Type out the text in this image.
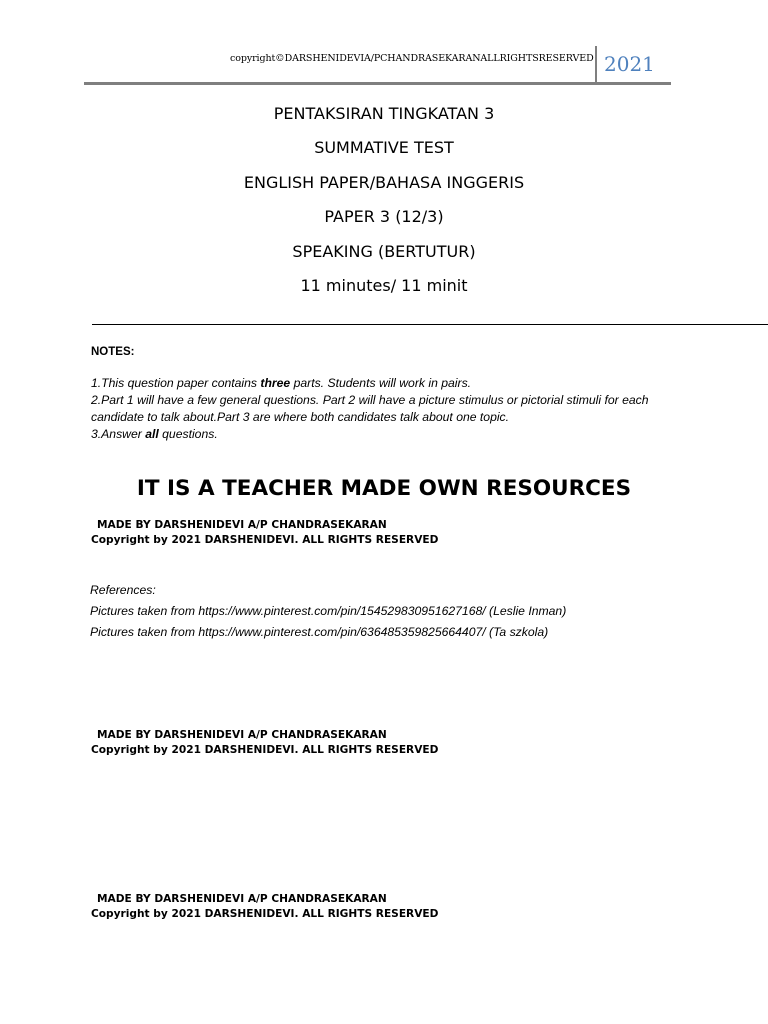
copyright©DARSHENIDEVIA/PCHANDRASEKARANALLRIGHTSRESERVED 2021
PENTAKSIRAN TINGKATAN 3
SUMMATIVE TEST
ENGLISH PAPER/BAHASA INGGERIS
PAPER 3 (12/3)
SPEAKING (BERTUTUR)
11 minutes/ 11 minit
NOTES:
1.This question paper contains three parts. Students will work in pairs.
2.Part 1 will have a few general questions. Part 2 will have a picture stimulus or pictorial stimuli for each candidate to talk about.Part 3 are where both candidates talk about one topic.
3.Answer all questions.
IT IS A TEACHER MADE OWN RESOURCES
MADE BY DARSHENIDEVI A/P CHANDRASEKARAN
Copyright by 2021 DARSHENIDEVI. ALL RIGHTS RESERVED
References:
Pictures taken from https://www.pinterest.com/pin/154529830951627168/ (Leslie Inman)
Pictures taken from https://www.pinterest.com/pin/636485359825664407/ (Ta szkola)
MADE BY DARSHENIDEVI A/P CHANDRASEKARAN
Copyright by 2021 DARSHENIDEVI. ALL RIGHTS RESERVED
MADE BY DARSHENIDEVI A/P CHANDRASEKARAN
Copyright by 2021 DARSHENIDEVI. ALL RIGHTS RESERVED
